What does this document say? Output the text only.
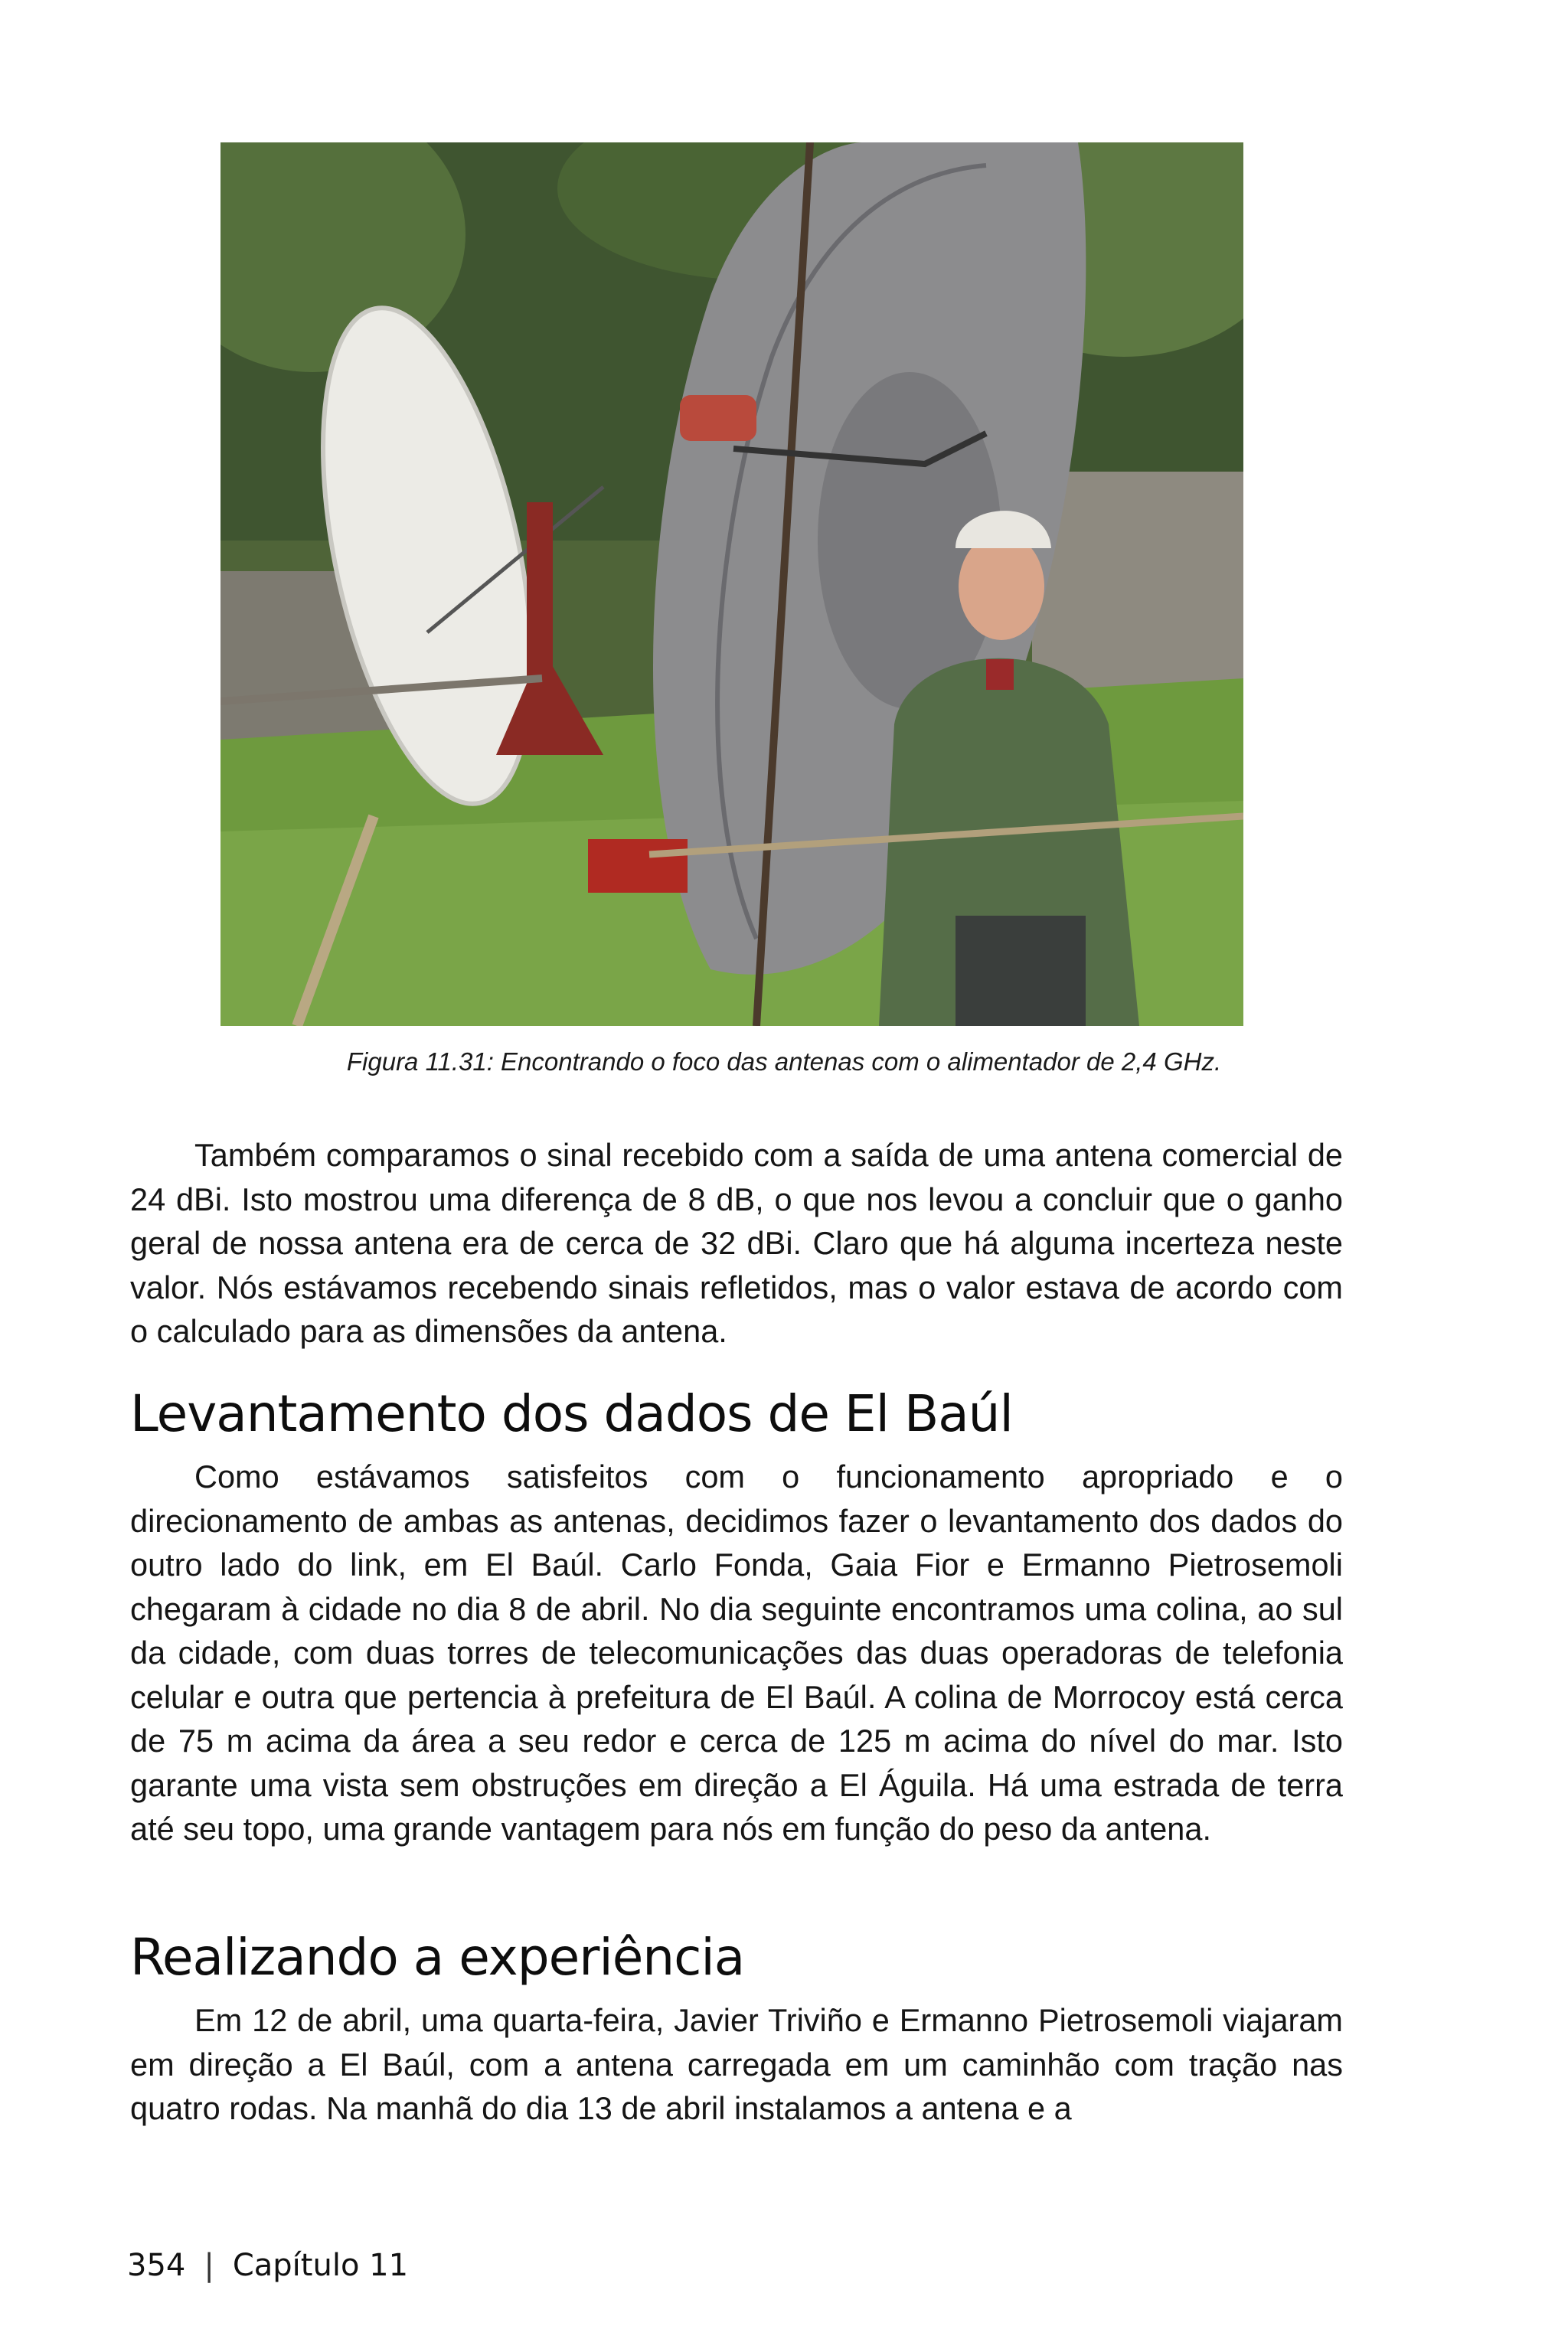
Figura 11.31: Encontrando o foco das antenas com o alimentador de 2,4 GHz.

Também comparamos o sinal recebido com a saída de uma antena comercial de 24 dBi. Isto mostrou uma diferença de 8 dB, o que nos levou a concluir que o ganho geral de nossa antena era de cerca de 32 dBi. Claro que há alguma incerteza neste valor. Nós estávamos recebendo sinais refletidos, mas o valor estava de acordo com o calculado para as dimensões da antena.

Levantamento dos dados de El Baúl

Como estávamos satisfeitos com o funcionamento apropriado e o direcionamento de ambas as antenas, decidimos fazer o levantamento dos dados do outro lado do link, em El Baúl. Carlo Fonda, Gaia Fior e Ermanno Pietrosemoli chegaram à cidade no dia 8 de abril. No dia seguinte encontramos uma colina, ao sul da cidade, com duas torres de telecomunicações das duas operadoras de telefonia celular e outra que pertencia à prefeitura de El Baúl. A colina de Morrocoy está cerca de 75 m acima da área a seu redor e cerca de 125 m acima do nível do mar. Isto garante uma vista sem obstruções em direção a El Águila. Há uma estrada de terra até seu topo, uma grande vantagem para nós em função do peso da antena.

Realizando a experiência

Em 12 de abril, uma quarta-feira, Javier Triviño e Ermanno Pietrosemoli viajaram em direção a El Baúl, com a antena carregada em um caminhão com tração nas quatro rodas. Na manhã do dia 13 de abril instalamos a antena e a

354 | Capítulo 11
